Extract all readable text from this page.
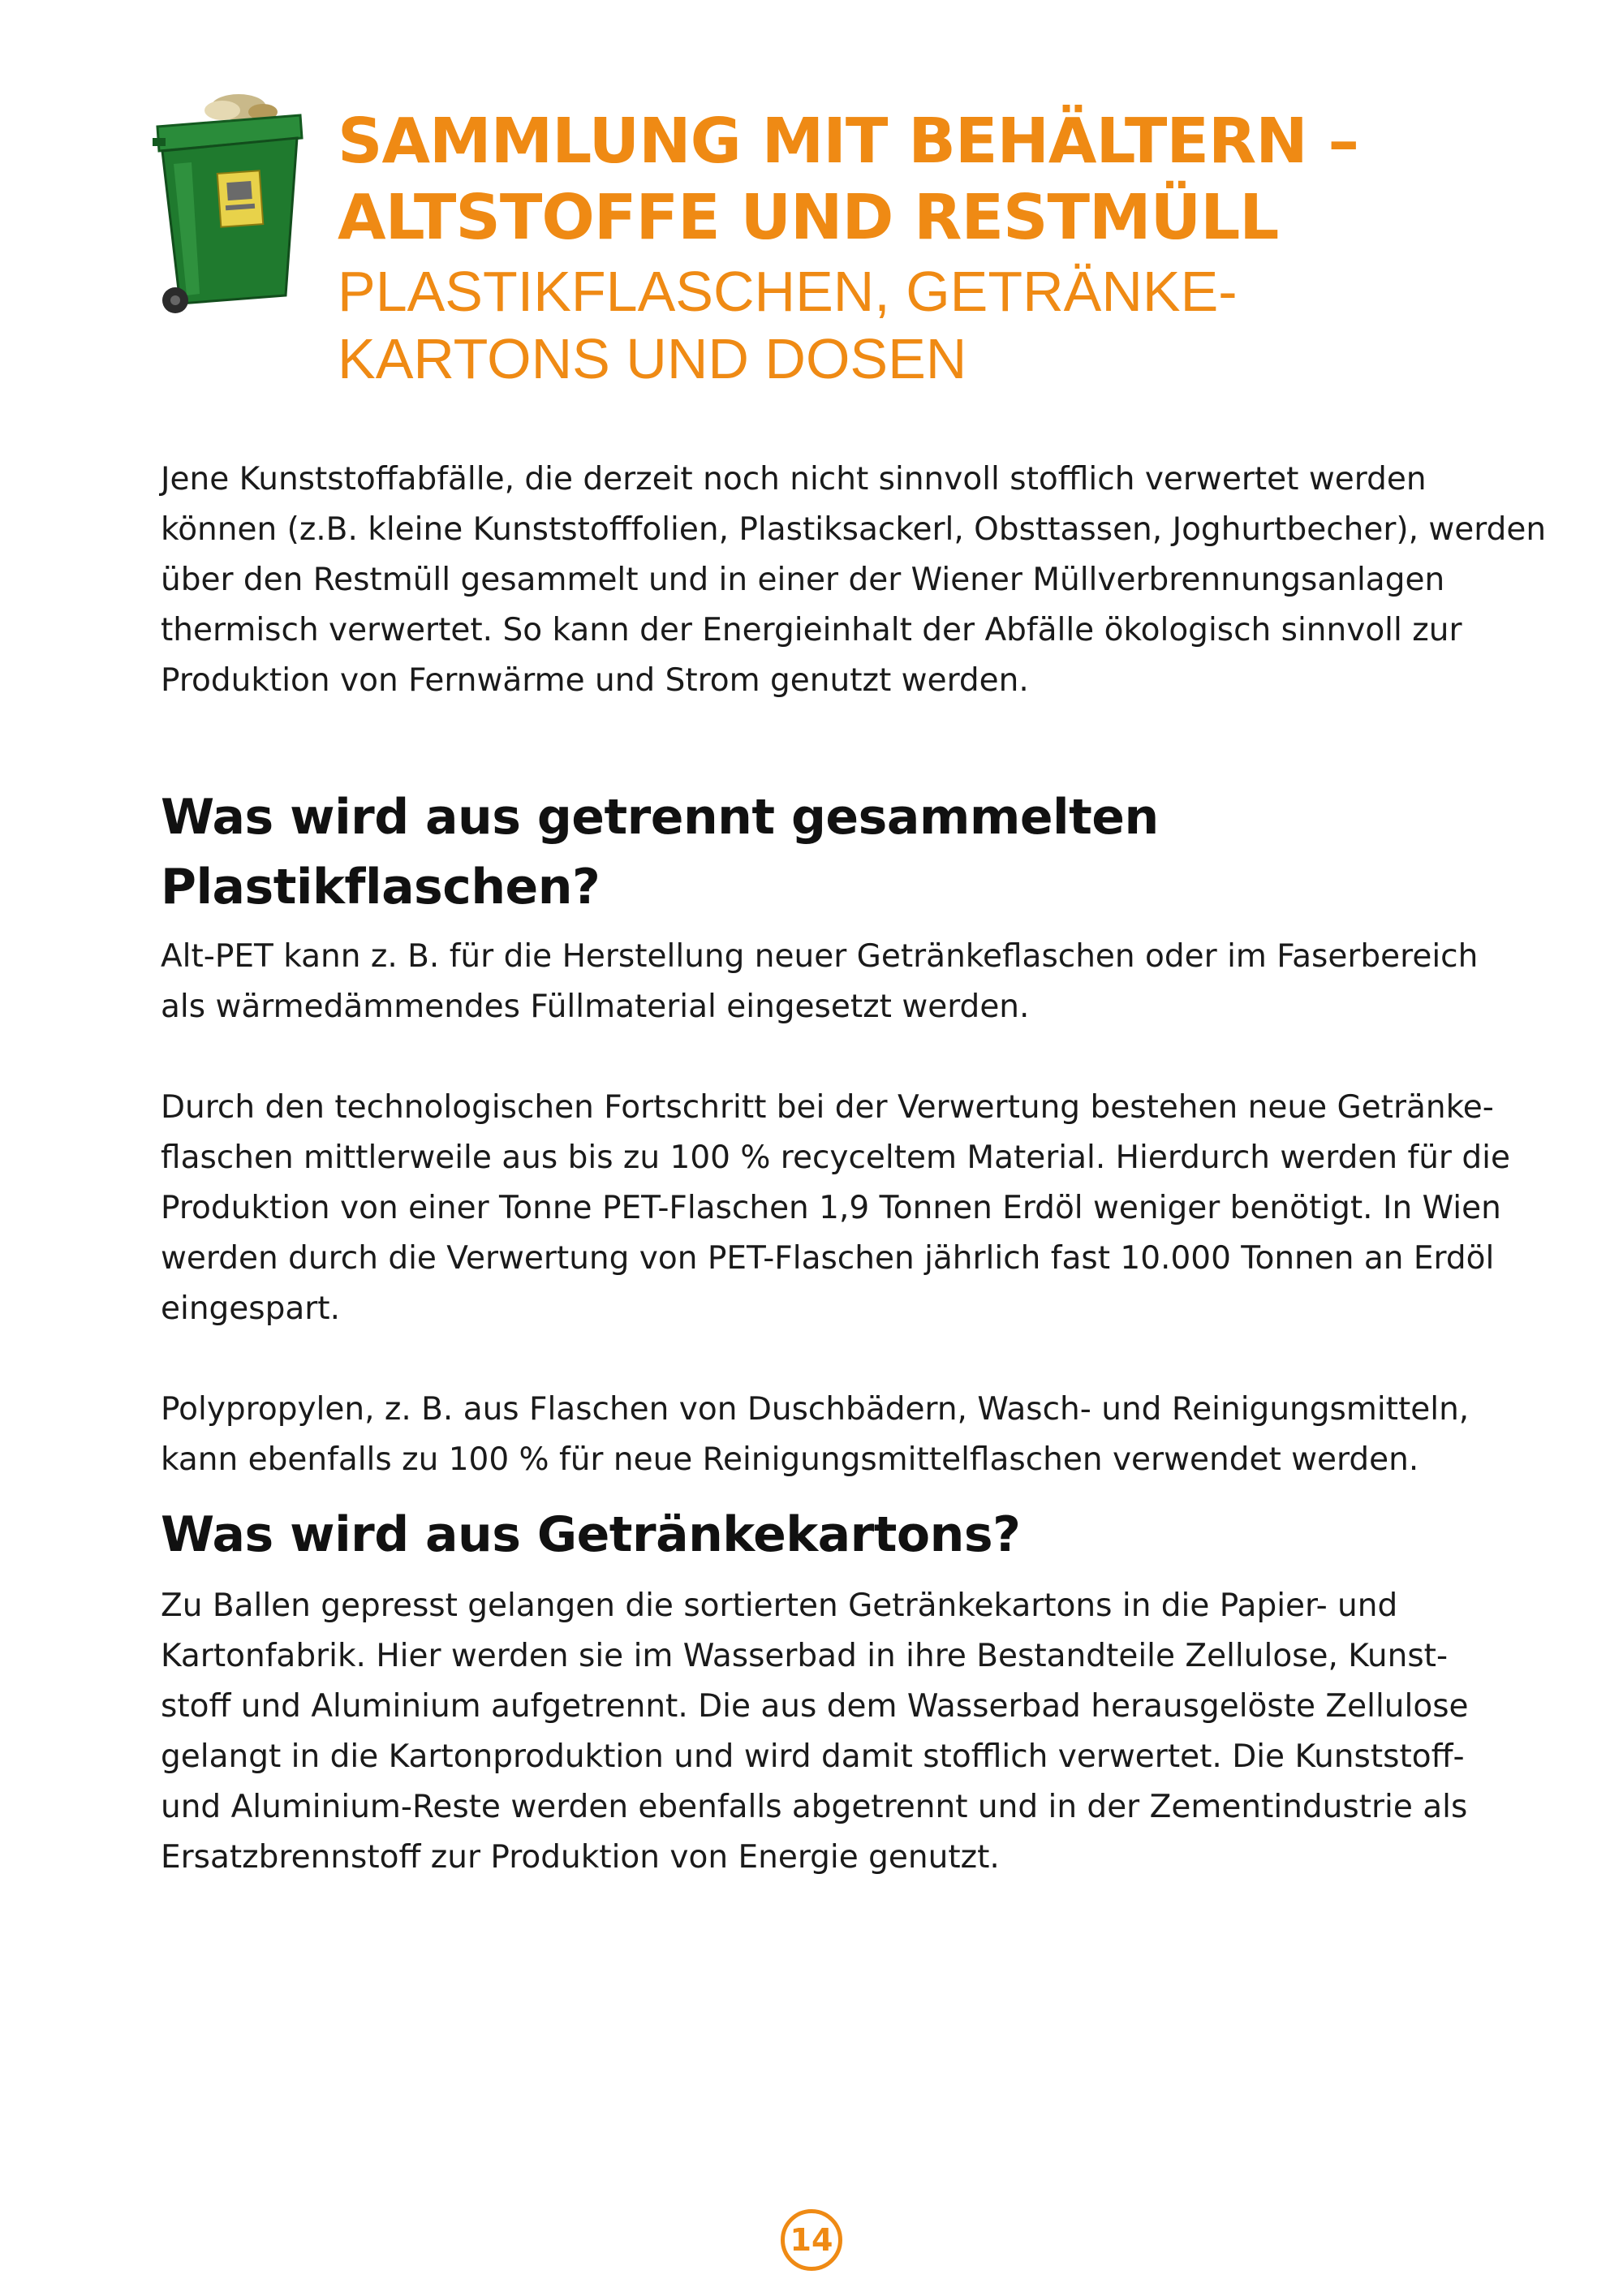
SAMMLUNG MIT BEHÄLTERN –
ALTSTOFFE UND RESTMÜLL
PLASTIKFLASCHEN, GETRÄNKE-
KARTONS UND DOSEN

Jene Kunststoffabfälle, die derzeit noch nicht sinnvoll stofflich verwertet werden
können (z.B. kleine Kunststofffolien, Plastiksackerl, Obsttassen, Joghurtbecher), werden
über den Restmüll gesammelt und in einer der Wiener Müllverbrennungsanlagen
thermisch verwertet. So kann der Energieinhalt der Abfälle ökologisch sinnvoll zur
Produktion von Fernwärme und Strom genutzt werden.

Was wird aus getrennt gesammelten
Plastikflaschen?

Alt-PET kann z. B. für die Herstellung neuer Getränkeflaschen oder im Faserbereich
als wärmedämmendes Füllmaterial eingesetzt werden.

Durch den technologischen Fortschritt bei der Verwertung bestehen neue Getränke-
flaschen mittlerweile aus bis zu 100 % recyceltem Material. Hierdurch werden für die
Produktion von einer Tonne PET-Flaschen 1,9 Tonnen Erdöl weniger benötigt. In Wien
werden durch die Verwertung von PET-Flaschen jährlich fast 10.000 Tonnen an Erdöl
eingespart.

Polypropylen, z. B. aus Flaschen von Duschbädern, Wasch- und Reinigungsmitteln,
kann ebenfalls zu 100 % für neue Reinigungsmittelflaschen verwendet werden.

Was wird aus Getränkekartons?

Zu Ballen gepresst gelangen die sortierten Getränkekartons in die Papier- und
Kartonfabrik. Hier werden sie im Wasserbad in ihre Bestandteile Zellulose, Kunst-
stoff und Aluminium aufgetrennt. Die aus dem Wasserbad herausgelöste Zellulose
gelangt in die Kartonproduktion und wird damit stofflich verwertet. Die Kunststoff-
und Aluminium-Reste werden ebenfalls abgetrennt und in der Zementindustrie als
Ersatzbrennstoff zur Produktion von Energie genutzt.

14
